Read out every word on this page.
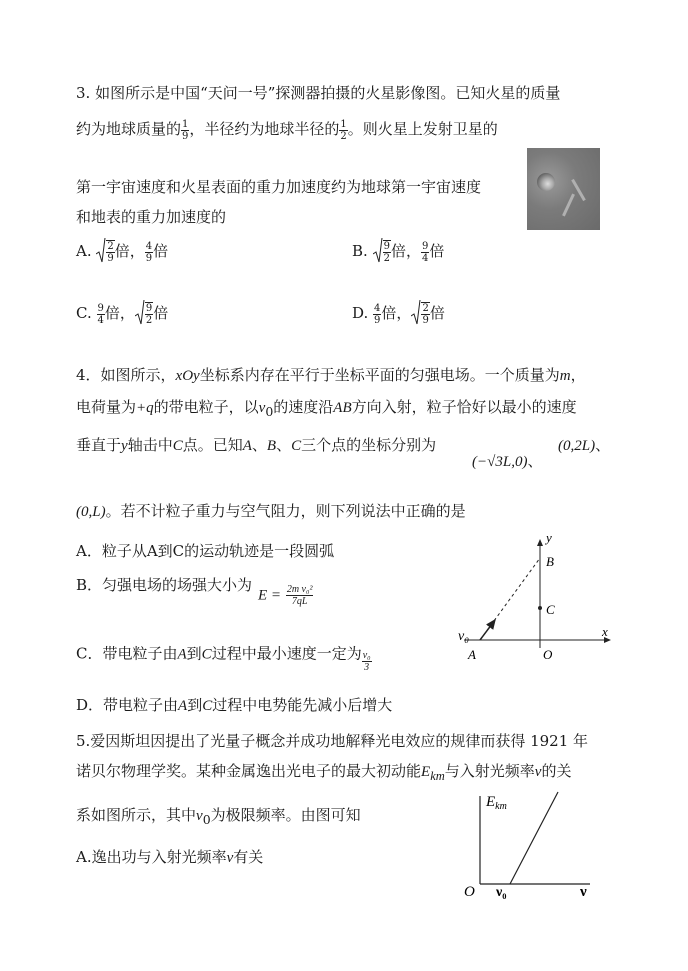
3. 如图所示是中国“天问一号”探测器拍摄的火星影像图。已知火星的质量
约为地球质量的 $\frac{1}{9}$ ，半径约为地球半径的 $\frac{1}{2}$ 。则火星上发射卫星的
第一宇宙速度和火星表面的重力加速度约为地球第一宇宙速度
和地表的重力加速度的
A. $\frac{2}{9}$ 倍， $\frac{4}{9}$ 倍	B. $\frac{9}{2}$ 倍， $\frac{9}{4}$ 倍
C. $\frac{9}{4}$ 倍， $\frac{9}{2}$ 倍	D. $\frac{4}{9}$ 倍， $\frac{2}{9}$ 倍
4．如图所示，xOy坐标系内存在平行于坐标平面的匀强电场。一个质量为m，
电荷量为+q的带电粒子，以$v_0$的速度沿AB方向入射，粒子恰好以最小的速度
垂直于y轴击中C点。已知A、B、C三个点的坐标分别为
(−√3L,0)、
(0,2L)、
(0,L)。若不计粒子重力与空气阻力，则下列说法中正确的是
A．粒子从A到C的运动轨迹是一段圆弧
B．匀强电场的场强大小为
$E = \frac{\text{2m v₀²}}{7qL}$
C．带电粒子由A到C过程中最小速度一定为 $\frac{\text{v₀}}{3}$
D．带电粒子由A到C过程中电势能先减小后增大
y
B
C
v₀	x
A	O
5.爱因斯坦因提出了光量子概念并成功地解释光电效应的规律而获得 1921 年
诺贝尔物理学奖。某种金属逸出光电子的最大初动能$E_{km}$与入射光频率ν的关
系如图所示，其中$\nu_0$为极限频率。由图可知
A.逸出功与入射光频率ν有关
$E_{km}$
O ν₀	ν
